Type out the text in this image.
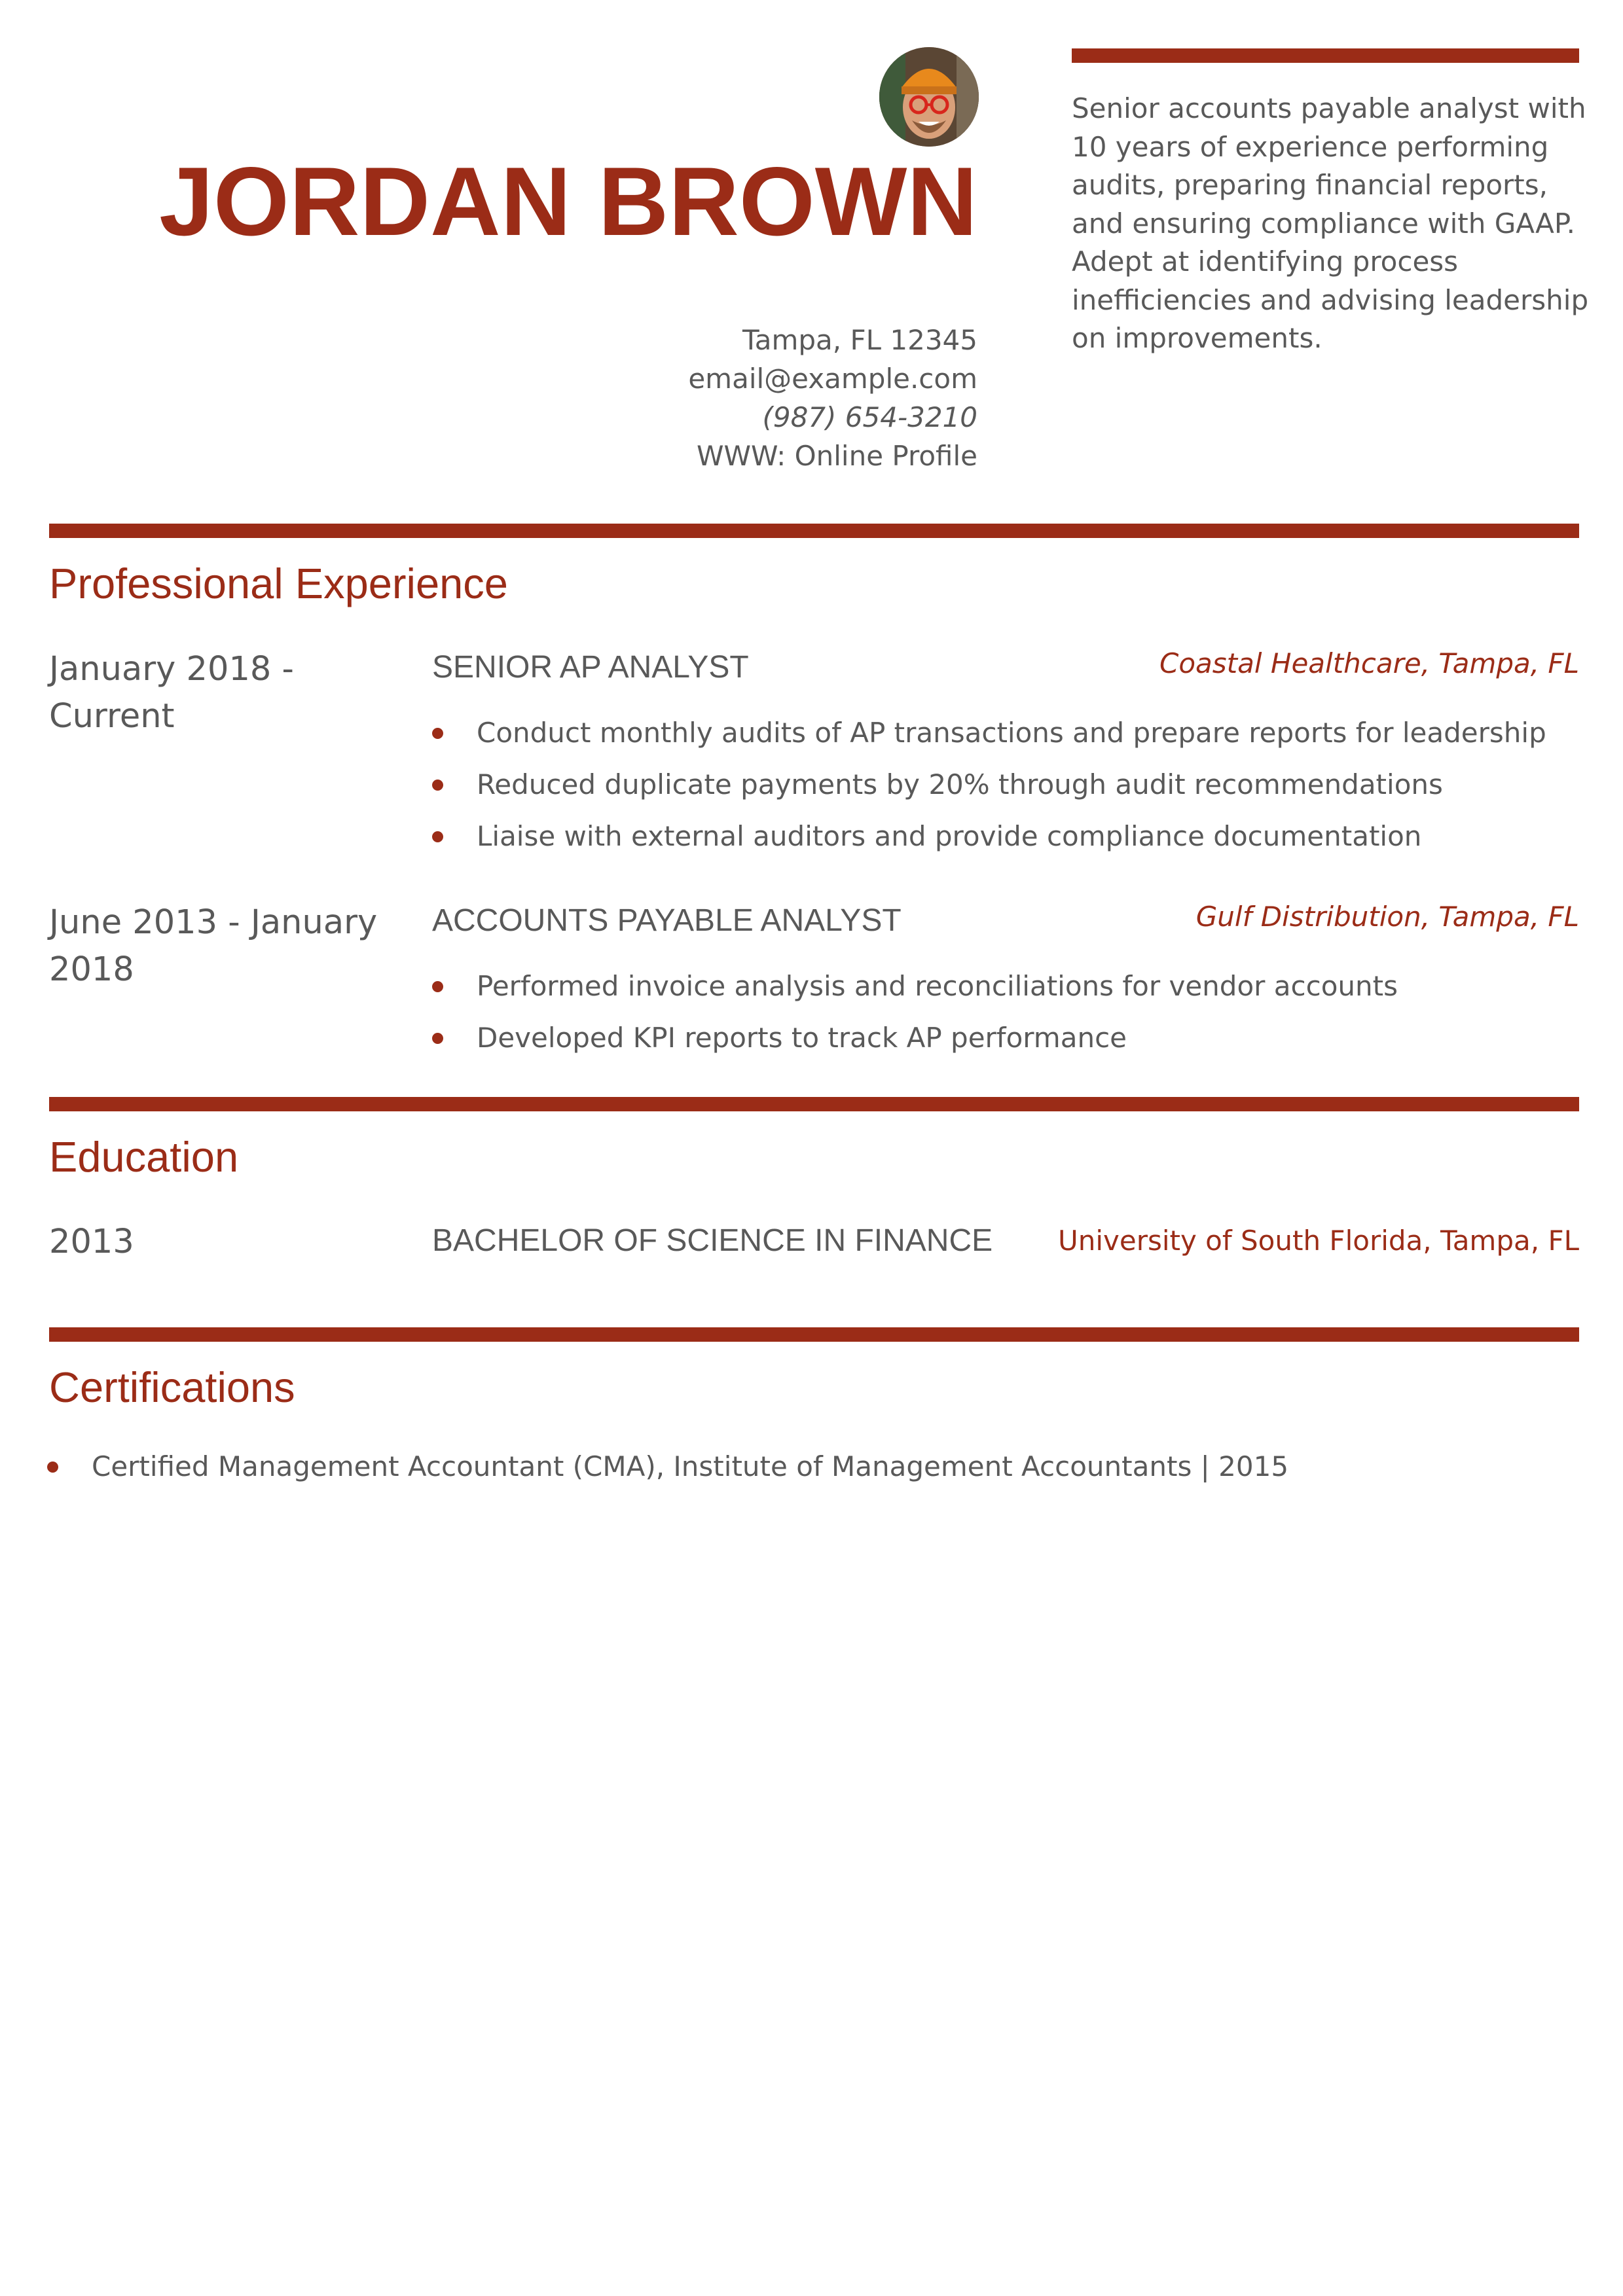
JORDAN BROWN
Tampa, FL 12345
email@example.com
(987) 654-3210
WWW: Online Profile
Senior accounts payable analyst with 10 years of experience performing audits, preparing financial reports, and ensuring compliance with GAAP. Adept at identifying process inefficiencies and advising leadership on improvements.
Professional Experience
January 2018 - Current
SENIOR AP ANALYST	Coastal Healthcare, Tampa, FL
Conduct monthly audits of AP transactions and prepare reports for leadership
Reduced duplicate payments by 20% through audit recommendations
Liaise with external auditors and provide compliance documentation
June 2013 - January 2018
ACCOUNTS PAYABLE ANALYST	Gulf Distribution, Tampa, FL
Performed invoice analysis and reconciliations for vendor accounts
Developed KPI reports to track AP performance
Education
2013	BACHELOR OF SCIENCE IN FINANCE University of South Florida, Tampa, FL
Certifications
Certified Management Accountant (CMA), Institute of Management Accountants | 2015
